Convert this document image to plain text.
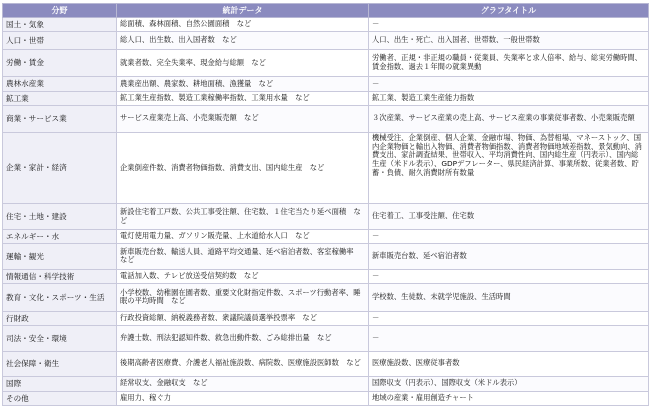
分野	統計データ	グラフタイトル
国土・気象	総面積、森林面積、自然公園面積　など	－
人口・世帯	総人口、出生数、出入国者数　など	人口、出生・死亡、出入国者、世帯数、一般世帯数
労働・賃金	就業者数、完全失業率、現金給与総額　など	労働者、正規・非正規の職員・従業員、失業率と求人倍率、給与、総実労働時間、賃金指数、過去１年間の就業異動
農林水産業	農業産出額、農家数、耕地面積、漁獲量　など	－
鉱工業	鉱工業生産指数、製造工業稼働率指数、工業用水量　など	鉱工業、製造工業生産能力指数
商業・サービス業	サービス産業売上高、小売業販売額　など	３次産業、サービス産業の売上高、サービス産業の事業従事者数、小売業販売額
企業・家計・経済	企業倒産件数、消費者物価指数、消費支出、国内総生産　など	機械受注、企業倒産、個人企業、金融市場、物価、為替相場、マネーストック、国内企業物価と輸出入物価、消費者物価指数、消費者物価地域差指数、景気動向、消費支出、家計調査結果、世帯収入、平均消費性向、国内総生産（円表示）、国内総生産（米ドル表示）、GDPデフレーター、県民経済計算、事業所数、従業者数、貯蓄・負債、耐久消費財所有数量
住宅・土地・建設	新設住宅着工戸数、公共工事受注額、住宅数、１住宅当たり延べ面積　など	住宅着工、工事受注額、住宅数
エネルギー・水	電灯使用電力量、ガソリン販売量、上水道給水人口　など	－
運輸・観光	新車販売台数、輸送人員、道路平均交通量、延べ宿泊者数、客室稼働率　など	新車販売台数、延べ宿泊者数
情報通信・科学技術	電話加入数、テレビ放送受信契約数　など	－
教育・文化・スポーツ・生活	小学校数、幼稚園在園者数、重要文化財指定件数、スポーツ行動者率、睡眠の平均時間　など	学校数、生徒数、未就学児施設、生活時間
行財政	行政投資総額、納税義務者数、衆議院議員選挙投票率　など	－
司法・安全・環境	弁護士数、刑法犯認知件数、救急出動件数、ごみ総排出量　など	－
社会保障・衛生	後期高齢者医療費、介護老人福祉施設数、病院数、医療施設医師数　など	医療施設数、医療従事者数
国際	経常収支、金融収支　など	国際収支（円表示）、国際収支（米ドル表示）
その他	雇用力、稼ぐ力	地域の産業・雇用創造チャート
